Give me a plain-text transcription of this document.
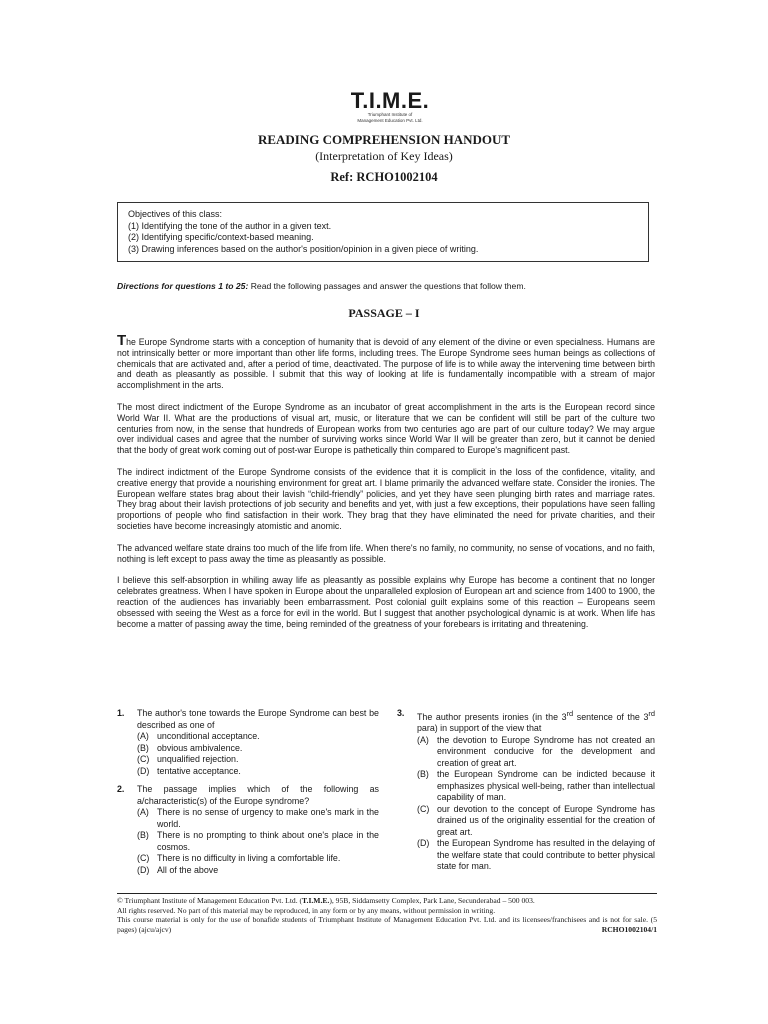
T.I.M.E.
Triumphant Institute of
Management Education Pvt. Ltd.
READING COMPREHENSION HANDOUT
(Interpretation of Key Ideas)
Ref: RCHO1002104
Objectives of this class:
(1) Identifying the tone of the author in a given text.
(2) Identifying specific/context-based meaning.
(3) Drawing inferences based on the author's position/opinion in a given piece of writing.
Directions for questions 1 to 25: Read the following passages and answer the questions that follow them.
PASSAGE – I

The Europe Syndrome starts with a conception of humanity that is devoid of any element of the divine or even specialness. Humans are not intrinsically better or more important than other life forms, including trees. The Europe Syndrome sees human beings as collections of chemicals that are activated and, after a period of time, deactivated. The purpose of life is to while away the intervening time between birth and death as pleasantly as possible. I submit that this way of looking at life is fundamentally incompatible with a stream of major accomplishment in the arts.

The most direct indictment of the Europe Syndrome as an incubator of great accomplishment in the arts is the European record since World War II. What are the productions of visual art, music, or literature that we can be confident will still be part of the culture two centuries from now, in the sense that hundreds of European works from two centuries ago are part of our culture today? We may argue over individual cases and agree that the number of surviving works since World War II will be greater than zero, but it cannot be denied that the body of great work coming out of post-war Europe is pathetically thin compared to Europe's magnificent past.

The indirect indictment of the Europe Syndrome consists of the evidence that it is complicit in the loss of the confidence, vitality, and creative energy that provide a nourishing environment for great art. I blame primarily the advanced welfare state. Consider the ironies. The European welfare states brag about their lavish “child-friendly” policies, and yet they have seen plunging birth rates and marriage rates. They brag about their lavish protections of job security and benefits and yet, with just a few exceptions, their populations have seen falling proportions of people who find satisfaction in their work. They brag that they have eliminated the need for private charities, and their societies have become increasingly atomistic and anomic.

The advanced welfare state drains too much of the life from life. When there's no family, no community, no sense of vocations, and no faith, nothing is left except to pass away the time as pleasantly as possible.

I believe this self-absorption in whiling away life as pleasantly as possible explains why Europe has become a continent that no longer celebrates greatness. When I have spoken in Europe about the unparalleled explosion of European art and science from 1400 to 1900, the reaction of the audiences has invariably been embarrassment. Post colonial guilt explains some of this reaction – Europeans seem obsessed with seeing the West as a force for evil in the world. But I suggest that another psychological dynamic is at work. When life has become a matter of passing away the time, being reminded of the greatness of your forebears is irritating and threatening.

1. The author's tone towards the Europe Syndrome can best be described as one of
(A) unconditional acceptance.
(B) obvious ambivalence.
(C) unqualified rejection.
(D) tentative acceptance.
2. The passage implies which of the following as a/characteristic(s) of the Europe syndrome?
(A) There is no sense of urgency to make one's mark in the world.
(B) There is no prompting to think about one's place in the cosmos.
(C) There is no difficulty in living a comfortable life.
(D) All of the above
3. The author presents ironies (in the 3rd sentence of the 3rd para) in support of the view that
(A) the devotion to Europe Syndrome has not created an environment conducive for the development and creation of great art.
(B) the European Syndrome can be indicted because it emphasizes physical well-being, rather than intellectual capability of man.
(C) our devotion to the concept of Europe Syndrome has drained us of the originality essential for the creation of great art.
(D) the European Syndrome has resulted in the delaying of the welfare state that could contribute to better physical state for man.
© Triumphant Institute of Management Education Pvt. Ltd. (T.I.M.E.), 95B, Siddamsetty Complex, Park Lane, Secunderabad – 500 003.
All rights reserved. No part of this material may be reproduced, in any form or by any means, without permission in writing.
This course material is only for the use of bonafide students of Triumphant Institute of Management Education Pvt. Ltd. and its licensees/franchisees and is not for sale. (5 pages) (ajcu/ajcv)	RCHO1002104/1
